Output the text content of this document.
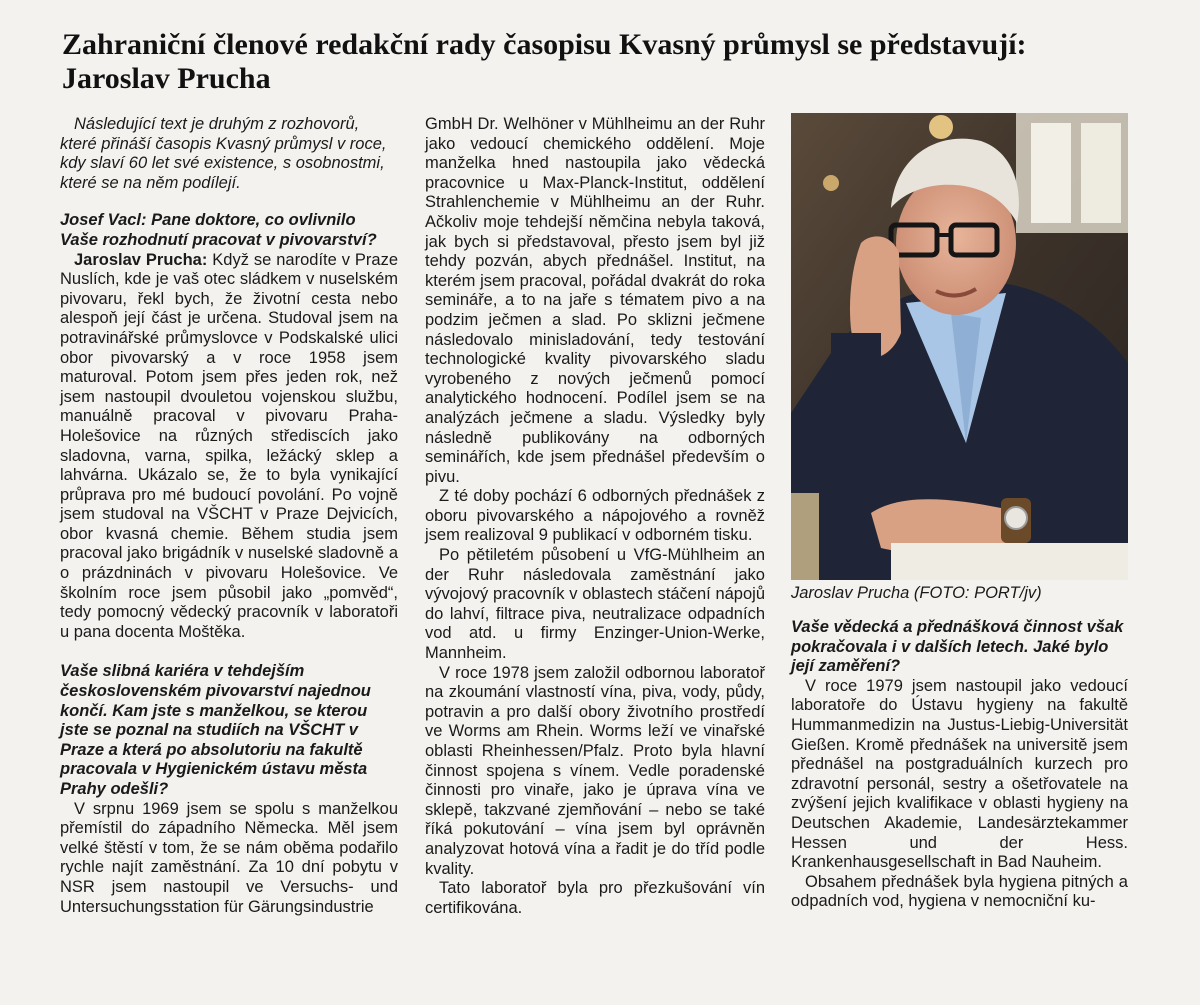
Zahraniční členové redakční rady časopisu Kvasný průmysl se představují:
Jaroslav Prucha

Následující text je druhým z rozhovorů, které přináší časopis Kvasný průmysl v roce, kdy slaví 60 let své existence, s osobnostmi, které se na něm podílejí.

Josef Vacl: Pane doktore, co ovlivnilo Vaše rozhodnutí pracovat v pivovarství?

Jaroslav Prucha: Když se narodíte v Praze Nuslích, kde je vaš otec sládkem v nuselském pivovaru, řekl bych, že životní cesta nebo alespoň její část je určena. Studoval jsem na potravinářské průmyslovce v Podskalské ulici obor pivovarský a v roce 1958 jsem maturoval. Potom jsem přes jeden rok, než jsem nastoupil dvouletou vojenskou službu, manuálně pracoval v pivovaru Praha-Holešovice na různých střediscích jako sladovna, varna, spilka, ležácký sklep a lahvárna. Ukázalo se, že to byla vynikající průprava pro mé budoucí povolání. Po vojně jsem studoval na VŠCHT v Praze Dejvicích, obor kvasná chemie. Během studia jsem pracoval jako brigádník v nuselské sladovně a o prázdninách v pivovaru Holešovice. Ve školním roce jsem působil jako „pomvěd“, tedy pomocný vědecký pracovník v laboratoři u pana docenta Moštěka.

Vaše slibná kariéra v tehdejším československém pivovarství najednou končí. Kam jste s manželkou, se kterou jste se poznal na studiích na VŠCHT v Praze a která po absolutoriu na fakultě pracovala v Hygienickém ústavu města Prahy odešli?

V srpnu 1969 jsem se spolu s manželkou přemístil do západního Německa. Měl jsem velké štěstí v tom, že se nám oběma podařilo rychle najít zaměstnání. Za 10 dní pobytu v NSR jsem nastoupil ve Versuchs- und Untersuchungsstation für Gärungsindustrie

GmbH Dr. Welhöner v Mühlheimu an der Ruhr jako vedoucí chemického oddělení. Moje manželka hned nastoupila jako vědecká pracovnice u Max-Planck-Institut, oddělení Strahlenchemie v Mühlheimu an der Ruhr. Ačkoliv moje tehdejší němčina nebyla taková, jak bych si představoval, přesto jsem byl již tehdy pozván, abych přednášel. Institut, na kterém jsem pracoval, pořádal dvakrát do roka semináře, a to na jaře s tématem pivo a na podzim ječmen a slad. Po sklizni ječmene následovalo minisladování, tedy testování technologické kvality pivovarského sladu vyrobeného z nových ječmenů pomocí analytického hodnocení. Podílel jsem se na analýzách ječmene a sladu. Výsledky byly následně publikovány na odborných seminářích, kde jsem přednášel především o pivu.

Z té doby pochází 6 odborných přednášek z oboru pivovarského a nápojového a rovněž jsem realizoval 9 publikací v odborném tisku.

Po pětiletém působení u VfG-Mühlheim an der Ruhr následovala zaměstnání jako vývojový pracovník v oblastech stáčení nápojů do lahví, filtrace piva, neutralizace odpadních vod atd. u firmy Enzinger-Union-Werke, Mannheim.

V roce 1978 jsem založil odbornou laboratoř na zkoumání vlastností vína, piva, vody, půdy, potravin a pro další obory životního prostředí ve Worms am Rhein. Worms leží ve vinařské oblasti Rheinhessen/Pfalz. Proto byla hlavní činnost spojena s vínem. Vedle poradenské činnosti pro vinaře, jako je úprava vína ve sklepě, takzvané zjemňování – nebo se také říká pokutování – vína jsem byl oprávněn analyzovat hotová vína a řadit je do tříd podle kvality.

Tato laboratoř byla pro přezkušování vín certifikována.

Jaroslav Prucha (FOTO: PORT/jv)

Vaše vědecká a přednášková činnost však pokračovala i v dalších letech. Jaké bylo její zaměření?

V roce 1979 jsem nastoupil jako vedoucí laboratoře do Ústavu hygieny na fakultě Hummanmedizin na Justus-Liebig-Universität Gießen. Kromě přednášek na universitě jsem přednášel na postgraduálních kurzech pro zdravotní personál, sestry a ošetřovatele na zvýšení jejich kvalifikace v oblasti hygieny na Deutschen Akademie, Landesärztekammer Hessen und der Hess. Krankenhausgesellschaft in Bad Nauheim.

Obsahem přednášek byla hygiena pitných a odpadních vod, hygiena v nemocniční ku-
